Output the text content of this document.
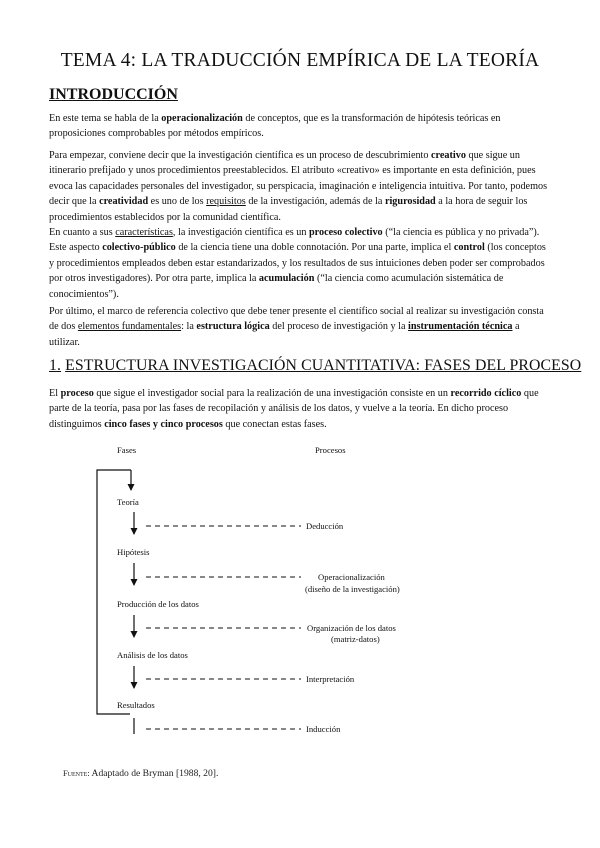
TEMA 4: LA TRADUCCIÓN EMPÍRICA DE LA TEORÍA
INTRODUCCIÓN

En este tema se habla de la operacionalización de conceptos, que es la transformación de hipótesis teóricas en proposiciones comprobables por métodos empíricos.

Para empezar, conviene decir que la investigación científica es un proceso de descubrimiento creativo que sigue un itinerario prefijado y unos procedimientos preestablecidos. El atributo «creativo» es importante en esta definición, pues evoca las capacidades personales del investigador, su perspicacia, imaginación e inteligencia intuitiva. Por tanto, podemos decir que la creatividad es uno de los requisitos de la investigación, además de la rigurosidad a la hora de seguir los procedimientos establecidos por la comunidad científica.

En cuanto a sus características, la investigación científica es un proceso colectivo (“la ciencia es pública y no privada”). Este aspecto colectivo-público de la ciencia tiene una doble connotación. Por una parte, implica el control (los conceptos y procedimientos empleados deben estar estandarizados, y los resultados de sus intuiciones deben poder ser comprobados por otros investigadores). Por otra parte, implica la acumulación (“la ciencia como acumulación sistemática de conocimientos”).

Por último, el marco de referencia colectivo que debe tener presente el científico social al realizar su investigación consta de dos elementos fundamentales: la estructura lógica del proceso de investigación y la instrumentación técnica a utilizar.

1. ESTRUCTURA INVESTIGACIÓN CUANTITATIVA: FASES DEL PROCESO

El proceso que sigue el investigador social para la realización de una investigación consiste en un recorrido cíclico que parte de la teoría, pasa por las fases de recopilación y análisis de los datos, y vuelve a la teoría. En dicho proceso distinguimos cinco fases y cinco procesos que conectan estas fases.

Fases	Procesos
Teoría
Hipótesis
Producción de los datos
Análisis de los datos
Resultados
Deducción
Operacionalización
(diseño de la investigación)
Organización de los datos
(matriz-datos)
Interpretación
Inducción

Fuente: Adaptado de Bryman [1988, 20].
